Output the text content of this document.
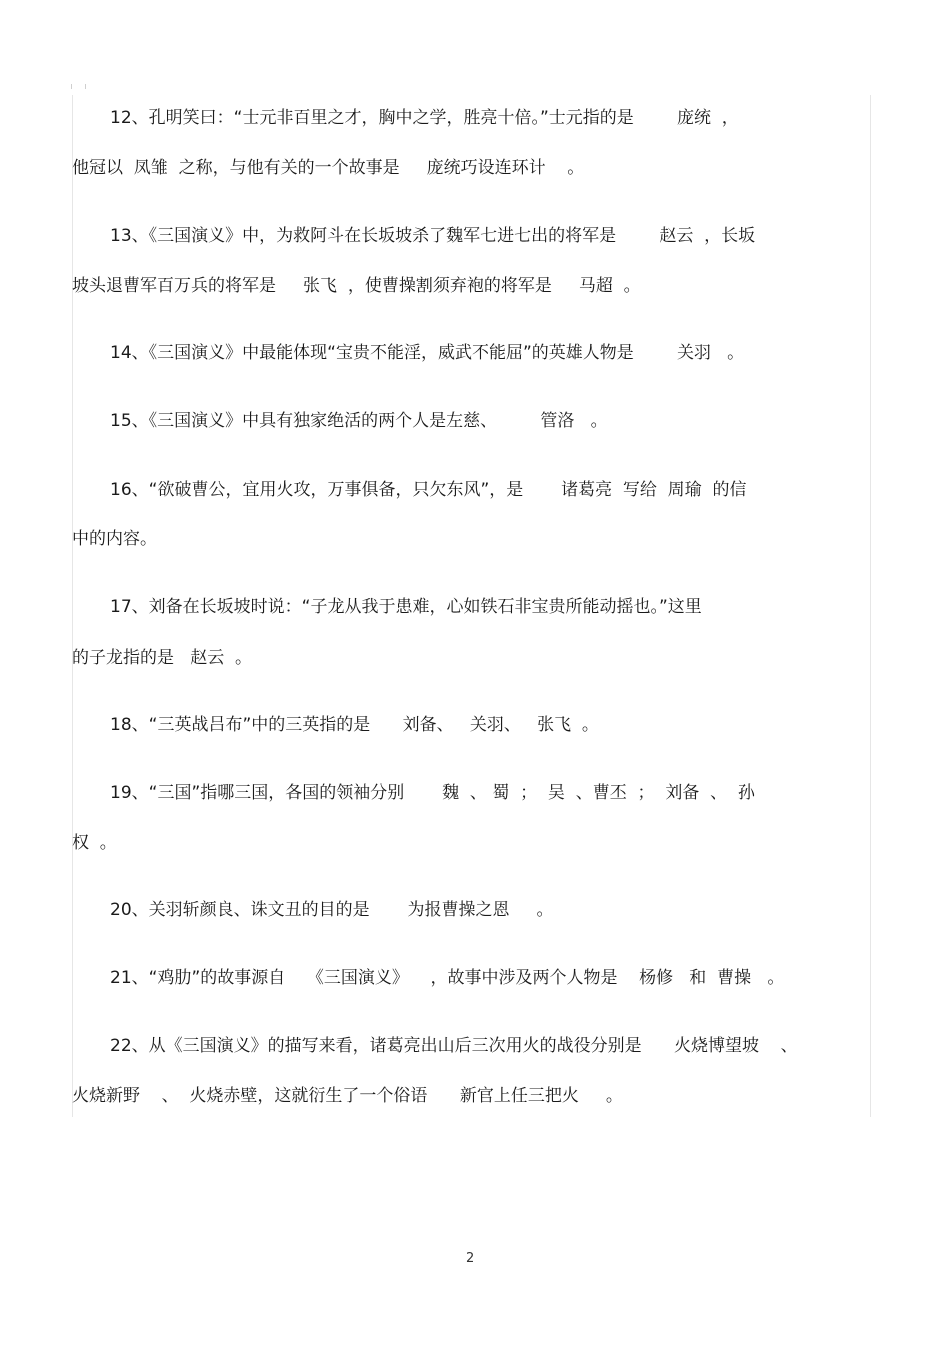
12、孔明笑曰：“士元非百里之才，胸中之学，胜亮十倍。”士元指的是        庞统  ，
他冠以  凤雏  之称，与他有关的一个故事是     庞统巧设连环计    。
13、《三国演义》中，为救阿斗在长坂坡杀了魏军七进七出的将军是        赵云  ，长坂
坡头退曹军百万兵的将军是     张飞  ，使曹操割须弃袍的将军是     马超  。
14、《三国演义》中最能体现“宝贵不能淫，威武不能屈”的英雄人物是        关羽   。
15、《三国演义》中具有独家绝活的两个人是左慈、        管洛   。
16、“欲破曹公，宜用火攻，万事俱备，只欠东风”，是       诸葛亮  写给  周瑜  的信
中的内容。
17、刘备在长坂坡时说：“子龙从我于患难，心如铁石非宝贵所能动摇也。”这里
的子龙指的是   赵云  。
18、“三英战吕布”中的三英指的是      刘备、   关羽、   张飞  。
19、“三国”指哪三国，各国的领袖分别       魏  、 蜀  ；  吴  、曹丕  ；  刘备  、  孙
权  。
20、关羽斩颜良、诛文丑的目的是       为报曹操之恩     。
21、“鸡肋”的故事源自    《三国演义》    ，故事中涉及两个人物是    杨修   和  曹操   。
22、从《三国演义》的描写来看，诸葛亮出山后三次用火的战役分别是      火烧博望坡    、
火烧新野    、  火烧赤壁，这就衍生了一个俗语      新官上任三把火     。
2
